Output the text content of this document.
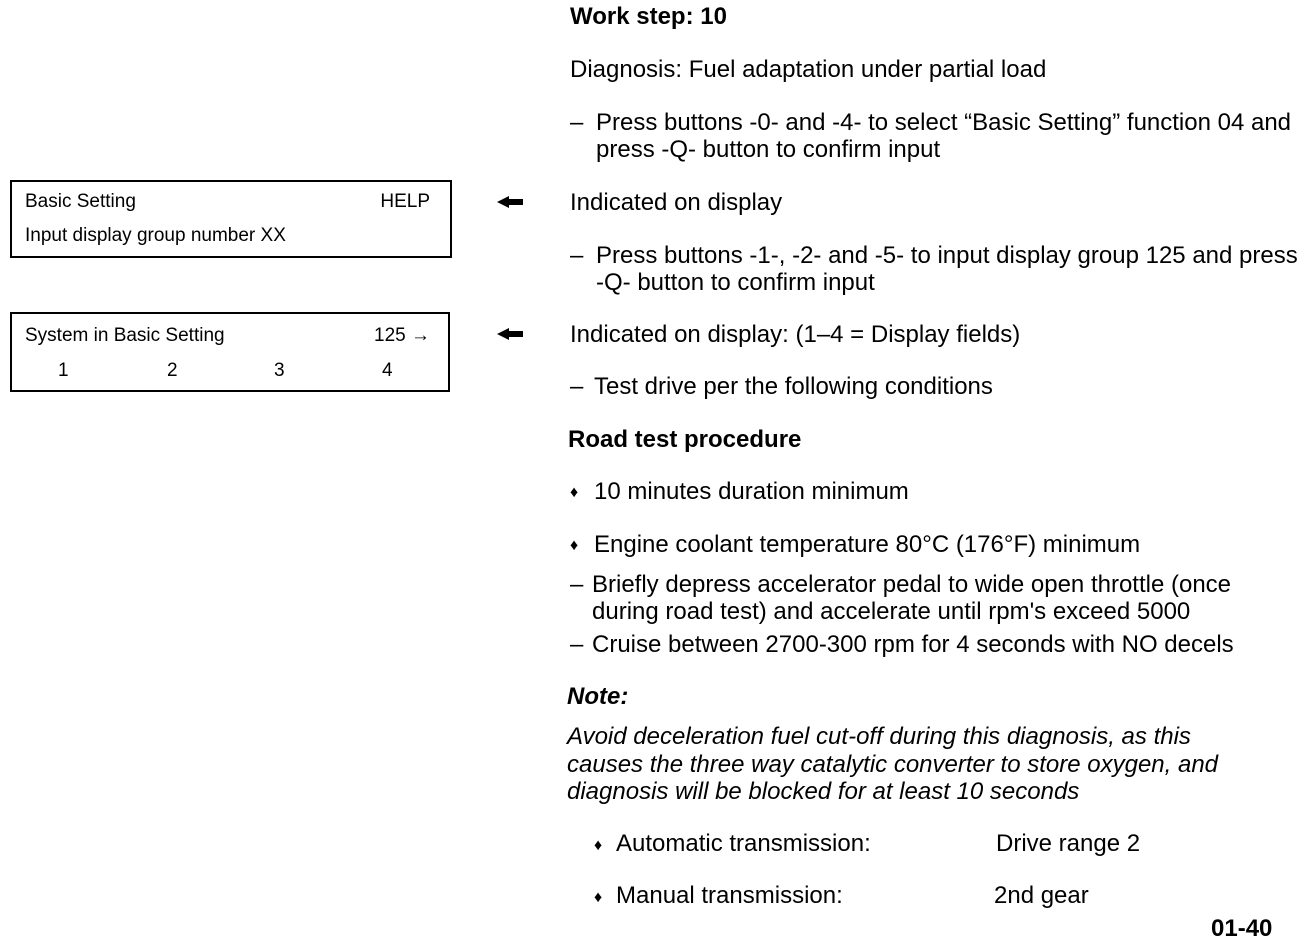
Basic Setting	HELP
Input display group number XX
System in Basic Setting	125 →
1	2	3	4
Work step: 10
Diagnosis: Fuel adaptation under partial load
– Press buttons -0- and -4- to select “Basic Setting” function 04 and
press -Q- button to confirm input
Indicated on display
– Press buttons -1-, -2- and -5- to input display group 125 and press
-Q- button to confirm input
Indicated on display: (1–4 = Display fields)
– Test drive per the following conditions
Road test procedure
♦ 10 minutes duration minimum
♦ Engine coolant temperature 80°C (176°F) minimum
– Briefly depress accelerator pedal to wide open throttle (once
during road test) and accelerate until rpm's exceed 5000
– Cruise between 2700-300 rpm for 4 seconds with NO decels
Note:
Avoid deceleration fuel cut-off during this diagnosis, as this
causes the three way catalytic converter to store oxygen, and
diagnosis will be blocked for at least 10 seconds
♦ Automatic transmission:	Drive range 2
♦ Manual transmission:	2nd gear
01-40
